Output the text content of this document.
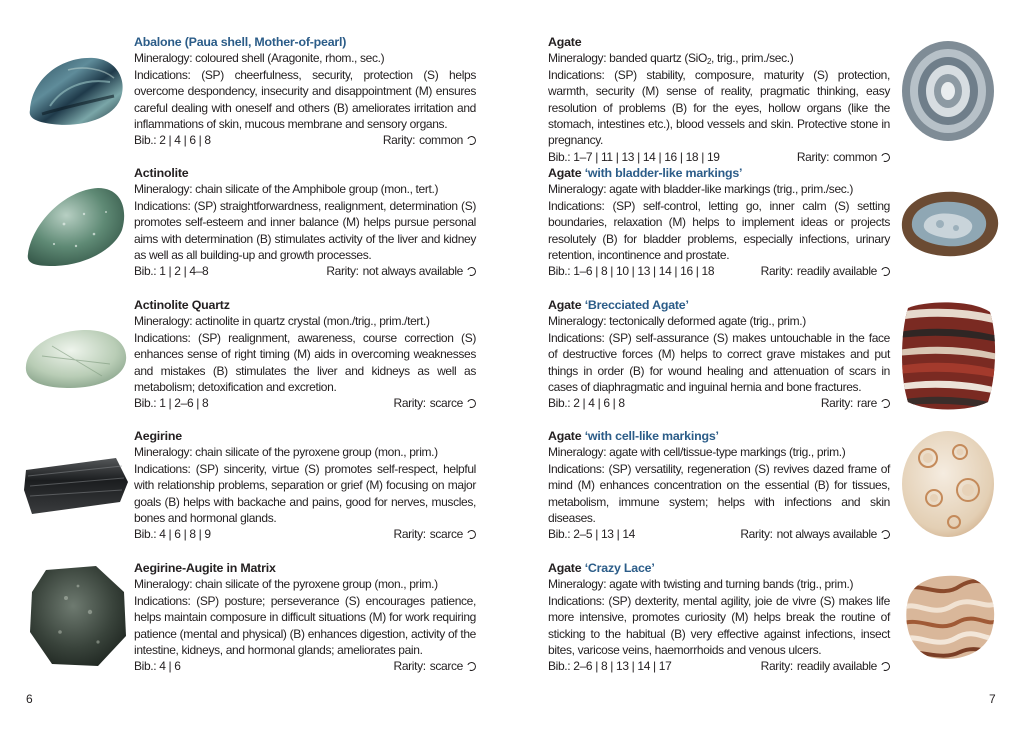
Abalone (Paua shell, Mother-of-pearl)
Mineralogy: coloured shell (Aragonite, rhom., sec.)
Indications: (SP) cheerfulness, security, protection (S) helps overcome despondency, insecurity and disappointment (M) ensures careful dealing with oneself and others (B) ameliorates irritation and inflammations of skin, mucous membrane and sensory organs.
Bib.: 2 | 4 | 6 | 8	Rarity: common
Actinolite
Mineralogy: chain silicate of the Amphibole group (mon., tert.)
Indications: (SP) straightforwardness, realignment, determination (S) promotes self-esteem and inner balance (M) helps pursue personal aims with determination (B) stimulates activity of the liver and kidney as well as all building-up and growth processes.
Bib.: 1 | 2 | 4–8	Rarity: not always available
Actinolite Quartz
Mineralogy: actinolite in quartz crystal (mon./trig., prim./tert.)
Indications: (SP) realignment, awareness, course correction (S) enhances sense of right timing (M) aids in overcoming weaknesses and mistakes (B) stimulates the liver and kidneys as well as metabolism; detoxification and excretion.
Bib.: 1 | 2–6 | 8	Rarity: scarce
Aegirine
Mineralogy: chain silicate of the pyroxene group (mon., prim.)
Indications: (SP) sincerity, virtue (S) promotes self-respect, helpful with relationship problems, separation or grief (M) focusing on major goals (B) helps with backache and pains, good for nerves, muscles, bones and hormonal glands.
Bib.: 4 | 6 | 8 | 9	Rarity: scarce
Aegirine-Augite in Matrix
Mineralogy: chain silicate of the pyroxene group (mon., prim.)
Indications: (SP) posture; perseverance (S) encourages patience, helps maintain composure in difficult situations (M) for work requiring patience (mental and physical) (B) enhances digestion, activity of the intestine, kidneys, and hormonal glands; ameliorates pain.
Bib.: 4 | 6	Rarity: scarce
6
Agate
Mineralogy: banded quartz (SiO$_2$, trig., prim./sec.)
Indications: (SP) stability, composure, maturity (S) protection, warmth, security (M) sense of reality, pragmatic thinking, easy resolution of problems (B) for the eyes, hollow organs (like the stomach, intestines etc.), blood vessels and skin. Protective stone in pregnancy.
Bib.: 1–7 | 11 | 13 | 14 | 16 | 18 | 19	Rarity: common
Agate ‘with bladder-like markings’
Mineralogy: agate with bladder-like markings (trig., prim./sec.)
Indications: (SP) self-control, letting go, inner calm (S) setting boundaries, relaxation (M) helps to implement ideas or projects resolutely (B) for bladder problems, especially infections, urinary retention, incontinence and prostate.
Bib.: 1–6 | 8 | 10 | 13 | 14 | 16 | 18	Rarity: readily available
Agate ‘Brecciated Agate’
Mineralogy: tectonically deformed agate (trig., prim.)
Indications: (SP) self-assurance (S) makes untouchable in the face of destructive forces (M) helps to correct grave mistakes and put things in order (B) for wound healing and attenuation of scars in cases of diaphragmatic and inguinal hernia and bone fractures.
Bib.: 2 | 4 | 6 | 8	Rarity: rare
Agate ‘with cell-like markings’
Mineralogy: agate with cell/tissue-type markings (trig., prim.)
Indications: (SP) versatility, regeneration (S) revives dazed frame of mind (M) enhances concentration on the essential (B) for tissues, metabolism, immune system; helps with infections and skin diseases.
Bib.: 2–5 | 13 | 14	Rarity: not always available
Agate ‘Crazy Lace’
Mineralogy: agate with twisting and turning bands (trig., prim.)
Indications: (SP) dexterity, mental agility, joie de vivre (S) makes life more intensive, promotes curiosity (M) helps break the routine of sticking to the habitual (B) very effective against infections, insect bites, varicose veins, haemorrhoids and venous ulcers.
Bib.: 2–6 | 8 | 13 | 14 | 17	Rarity: readily available
7
